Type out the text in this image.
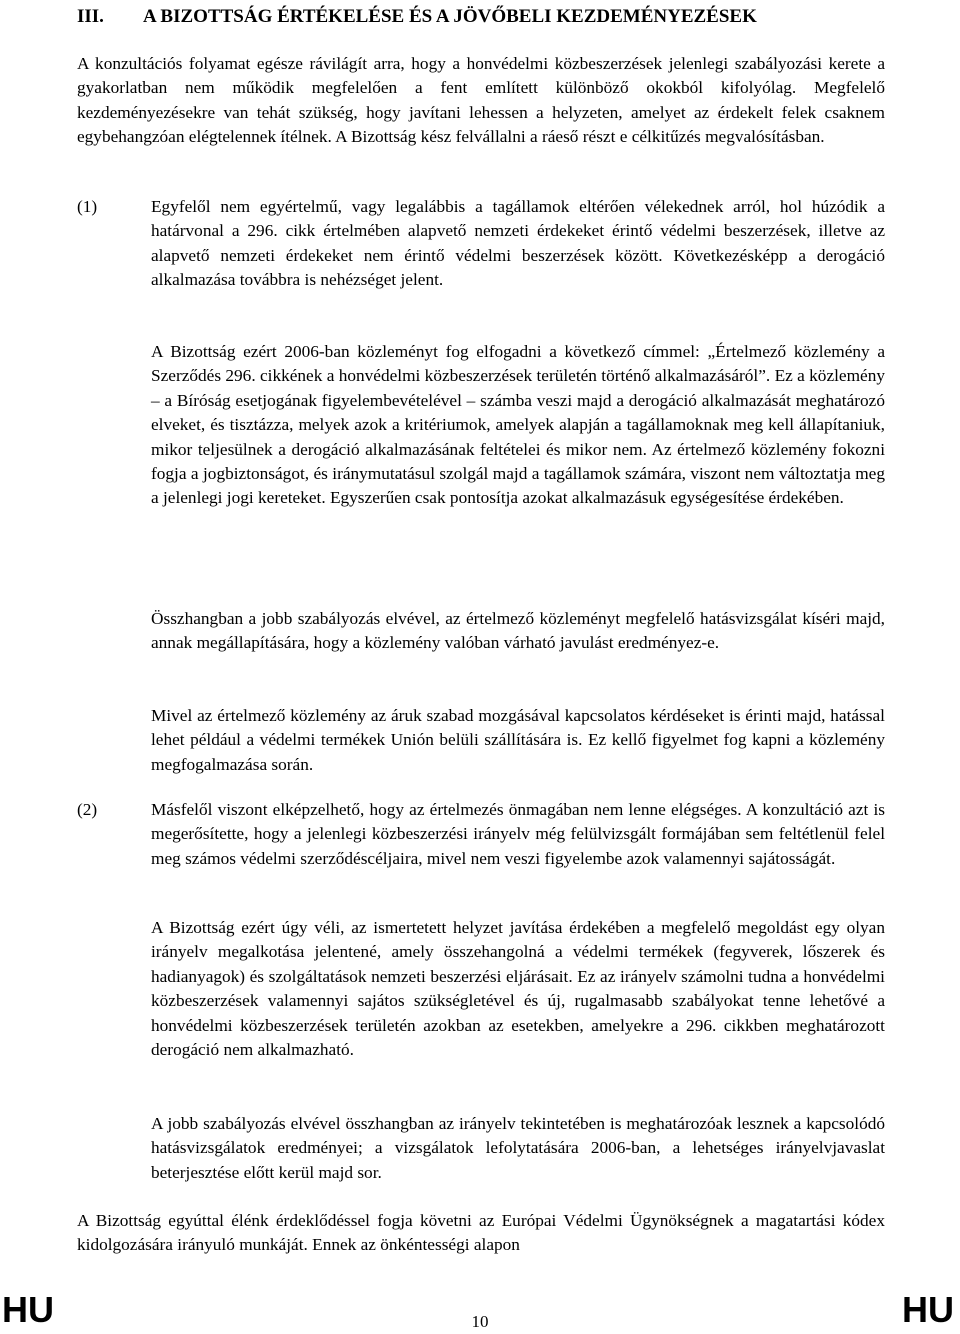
III. A BIZOTTSÁG ÉRTÉKELÉSE ÉS A JÖVŐBELI KEZDEMÉNYEZÉSEK

A konzultációs folyamat egésze rávilágít arra, hogy a honvédelmi közbeszerzések jelenlegi szabályozási kerete a gyakorlatban nem működik megfelelően a fent említett különböző okokból kifolyólag. Megfelelő kezdeményezésekre van tehát szükség, hogy javítani lehessen a helyzeten, amelyet az érdekelt felek csaknem egybehangzóan elégtelennek ítélnek. A Bizottság kész felvállalni a ráeső részt e célkitűzés megvalósításban.

(1)	Egyfelől nem egyértelmű, vagy legalábbis a tagállamok eltérően vélekednek arról, hol húzódik a határvonal a 296. cikk értelmében alapvető nemzeti érdekeket érintő védelmi beszerzések, illetve az alapvető nemzeti érdekeket nem érintő védelmi beszerzések között. Következésképp a derogáció alkalmazása továbbra is nehézséget jelent.

A Bizottság ezért 2006-ban közleményt fog elfogadni a következő címmel: „Értelmező közlemény a Szerződés 296. cikkének a honvédelmi közbeszerzések területén történő alkalmazásáról”. Ez a közlemény – a Bíróság esetjogának figyelembevételével – számba veszi majd a derogáció alkalmazását meghatározó elveket, és tisztázza, melyek azok a kritériumok, amelyek alapján a tagállamoknak meg kell állapítaniuk, mikor teljesülnek a derogáció alkalmazásának feltételei és mikor nem. Az értelmező közlemény fokozni fogja a jogbiztonságot, és iránymutatásul szolgál majd a tagállamok számára, viszont nem változtatja meg a jelenlegi jogi kereteket. Egyszerűen csak pontosítja azokat alkalmazásuk egységesítése érdekében.

Összhangban a jobb szabályozás elvével, az értelmező közleményt megfelelő hatásvizsgálat kíséri majd, annak megállapítására, hogy a közlemény valóban várható javulást eredményez-e.

Mivel az értelmező közlemény az áruk szabad mozgásával kapcsolatos kérdéseket is érinti majd, hatással lehet például a védelmi termékek Unión belüli szállítására is. Ez kellő figyelmet fog kapni a közlemény megfogalmazása során.

(2)	Másfelől viszont elképzelhető, hogy az értelmezés önmagában nem lenne elégséges. A konzultáció azt is megerősítette, hogy a jelenlegi közbeszerzési irányelv még felülvizsgált formájában sem feltétlenül felel meg számos védelmi szerződéscéljaira, mivel nem veszi figyelembe azok valamennyi sajátosságát.

A Bizottság ezért úgy véli, az ismertetett helyzet javítása érdekében a megfelelő megoldást egy olyan irányelv megalkotása jelentené, amely összehangolná a védelmi termékek (fegyverek, lőszerek és hadianyagok) és szolgáltatások nemzeti beszerzési eljárásait. Ez az irányelv számolni tudna a honvédelmi közbeszerzések valamennyi sajátos szükségletével és új, rugalmasabb szabályokat tenne lehetővé a honvédelmi közbeszerzések területén azokban az esetekben, amelyekre a 296. cikkben meghatározott derogáció nem alkalmazható.

A jobb szabályozás elvével összhangban az irányelv tekintetében is meghatározóak lesznek a kapcsolódó hatásvizsgálatok eredményei; a vizsgálatok lefolytatására 2006-ban, a lehetséges irányelvjavaslat beterjesztése előtt kerül majd sor.

A Bizottság egyúttal élénk érdeklődéssel fogja követni az Európai Védelmi Ügynökségnek a magatartási kódex kidolgozására irányuló munkáját. Ennek az önkéntességi alapon

HU	10	HU
